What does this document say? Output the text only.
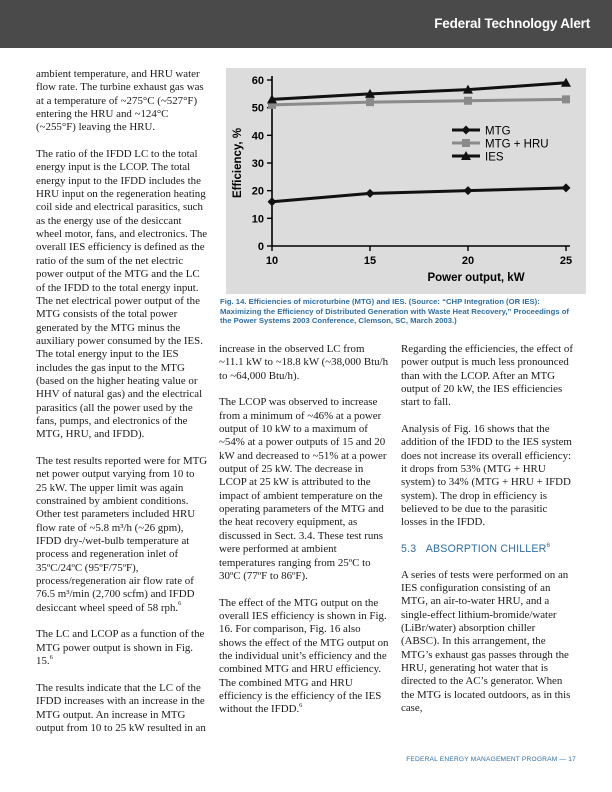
Federal Technology Alert

ambient temperature, and HRU water flow rate. The turbine exhaust gas was at a temperature of ~275°C (~527°F) entering the HRU and ~124°C (~255°F) leaving the HRU.

The ratio of the IFDD LC to the total energy input is the LCOP. The total energy input to the IFDD includes the HRU input on the regeneration heating coil side and electrical parasitics, such as the energy use of the desiccant wheel motor, fans, and electronics. The overall IES efficiency is defined as the ratio of the sum of the net electric power output of the MTG and the LC of the IFDD to the total energy input. The net electrical power output of the MTG consists of the total power generated by the MTG minus the auxiliary power consumed by the IES. The total energy input to the IES includes the gas input to the MTG (based on the higher heating value or HHV of natural gas) and the electrical parasitics (all the power used by the fans, pumps, and electronics of the MTG, HRU, and IFDD).

The test results reported were for MTG net power output varying from 10 to 25 kW. The upper limit was again constrained by ambient conditions. Other test parameters included HRU flow rate of ~5.8 m³/h (~26 gpm), IFDD dry-/wet-bulb temperature at process and regeneration inlet of 35ºC/24ºC (95ºF/75ºF), process/regeneration air flow rate of 76.5 m³/min (2,700 scfm) and IFDD desiccant wheel speed of 58 rph.$^6$

The LC and LCOP as a function of the MTG power output is shown in Fig. 15.$^6$

The results indicate that the LC of the IFDD increases with an increase in the MTG output. An increase in MTG output from 10 to 25 kW resulted in an

0
10
20
30
40
50
60
10	15	20	25
Power output, kW
Efficiency, %	MTG
MTG + HRU
IES
Fig. 14. Efficiencies of microturbine (MTG) and IES. (Source: “CHP Integration (OR IES): Maximizing the Efficiency of Distributed Generation with Waste Heat Recovery,” Proceedings of the Power Systems 2003 Conference, Clemson, SC, March 2003.)

increase in the observed LC from ~11.1 kW to ~18.8 kW (~38,000 Btu/h to ~64,000 Btu/h).

The LCOP was observed to increase from a minimum of ~46% at a power output of 10 kW to a maximum of ~54% at a power outputs of 15 and 20 kW and decreased to ~51% at a power output of 25 kW. The decrease in LCOP at 25 kW is attributed to the impact of ambient temperature on the operating parameters of the MTG and the heat recovery equipment, as discussed in Sect. 3.4. These test runs were performed at ambient temperatures ranging from 25ºC to 30ºC (77ºF to 86ºF).

The effect of the MTG output on the overall IES efficiency is shown in Fig. 16. For comparison, Fig. 16 also shows the effect of the MTG output on the individual unit’s efficiency and the combined MTG and HRU efficiency. The combined MTG and HRU efficiency is the efficiency of the IES without the IFDD.$^6$

Regarding the efficiencies, the effect of power output is much less pronounced than with the LCOP. After an MTG output of 20 kW, the IES efficiencies start to fall.

Analysis of Fig. 16 shows that the addition of the IFDD to the IES system does not increase its overall efficiency: it drops from 53% (MTG + HRU system) to 34% (MTG + HRU + IFDD system). The drop in efficiency is believed to be due to the parasitic losses in the IFDD.

5.3 ABSORPTION CHILLER$^6$

A series of tests were performed on an IES configuration consisting of an MTG, an air-to-water HRU, and a single-effect lithium-bromide/water (LiBr/water) absorption chiller (ABSC). In this arrangement, the MTG’s exhaust gas passes through the HRU, generating hot water that is directed to the AC’s generator. When the MTG is located outdoors, as in this case,

FEDERAL ENERGY MANAGEMENT PROGRAM — 17
